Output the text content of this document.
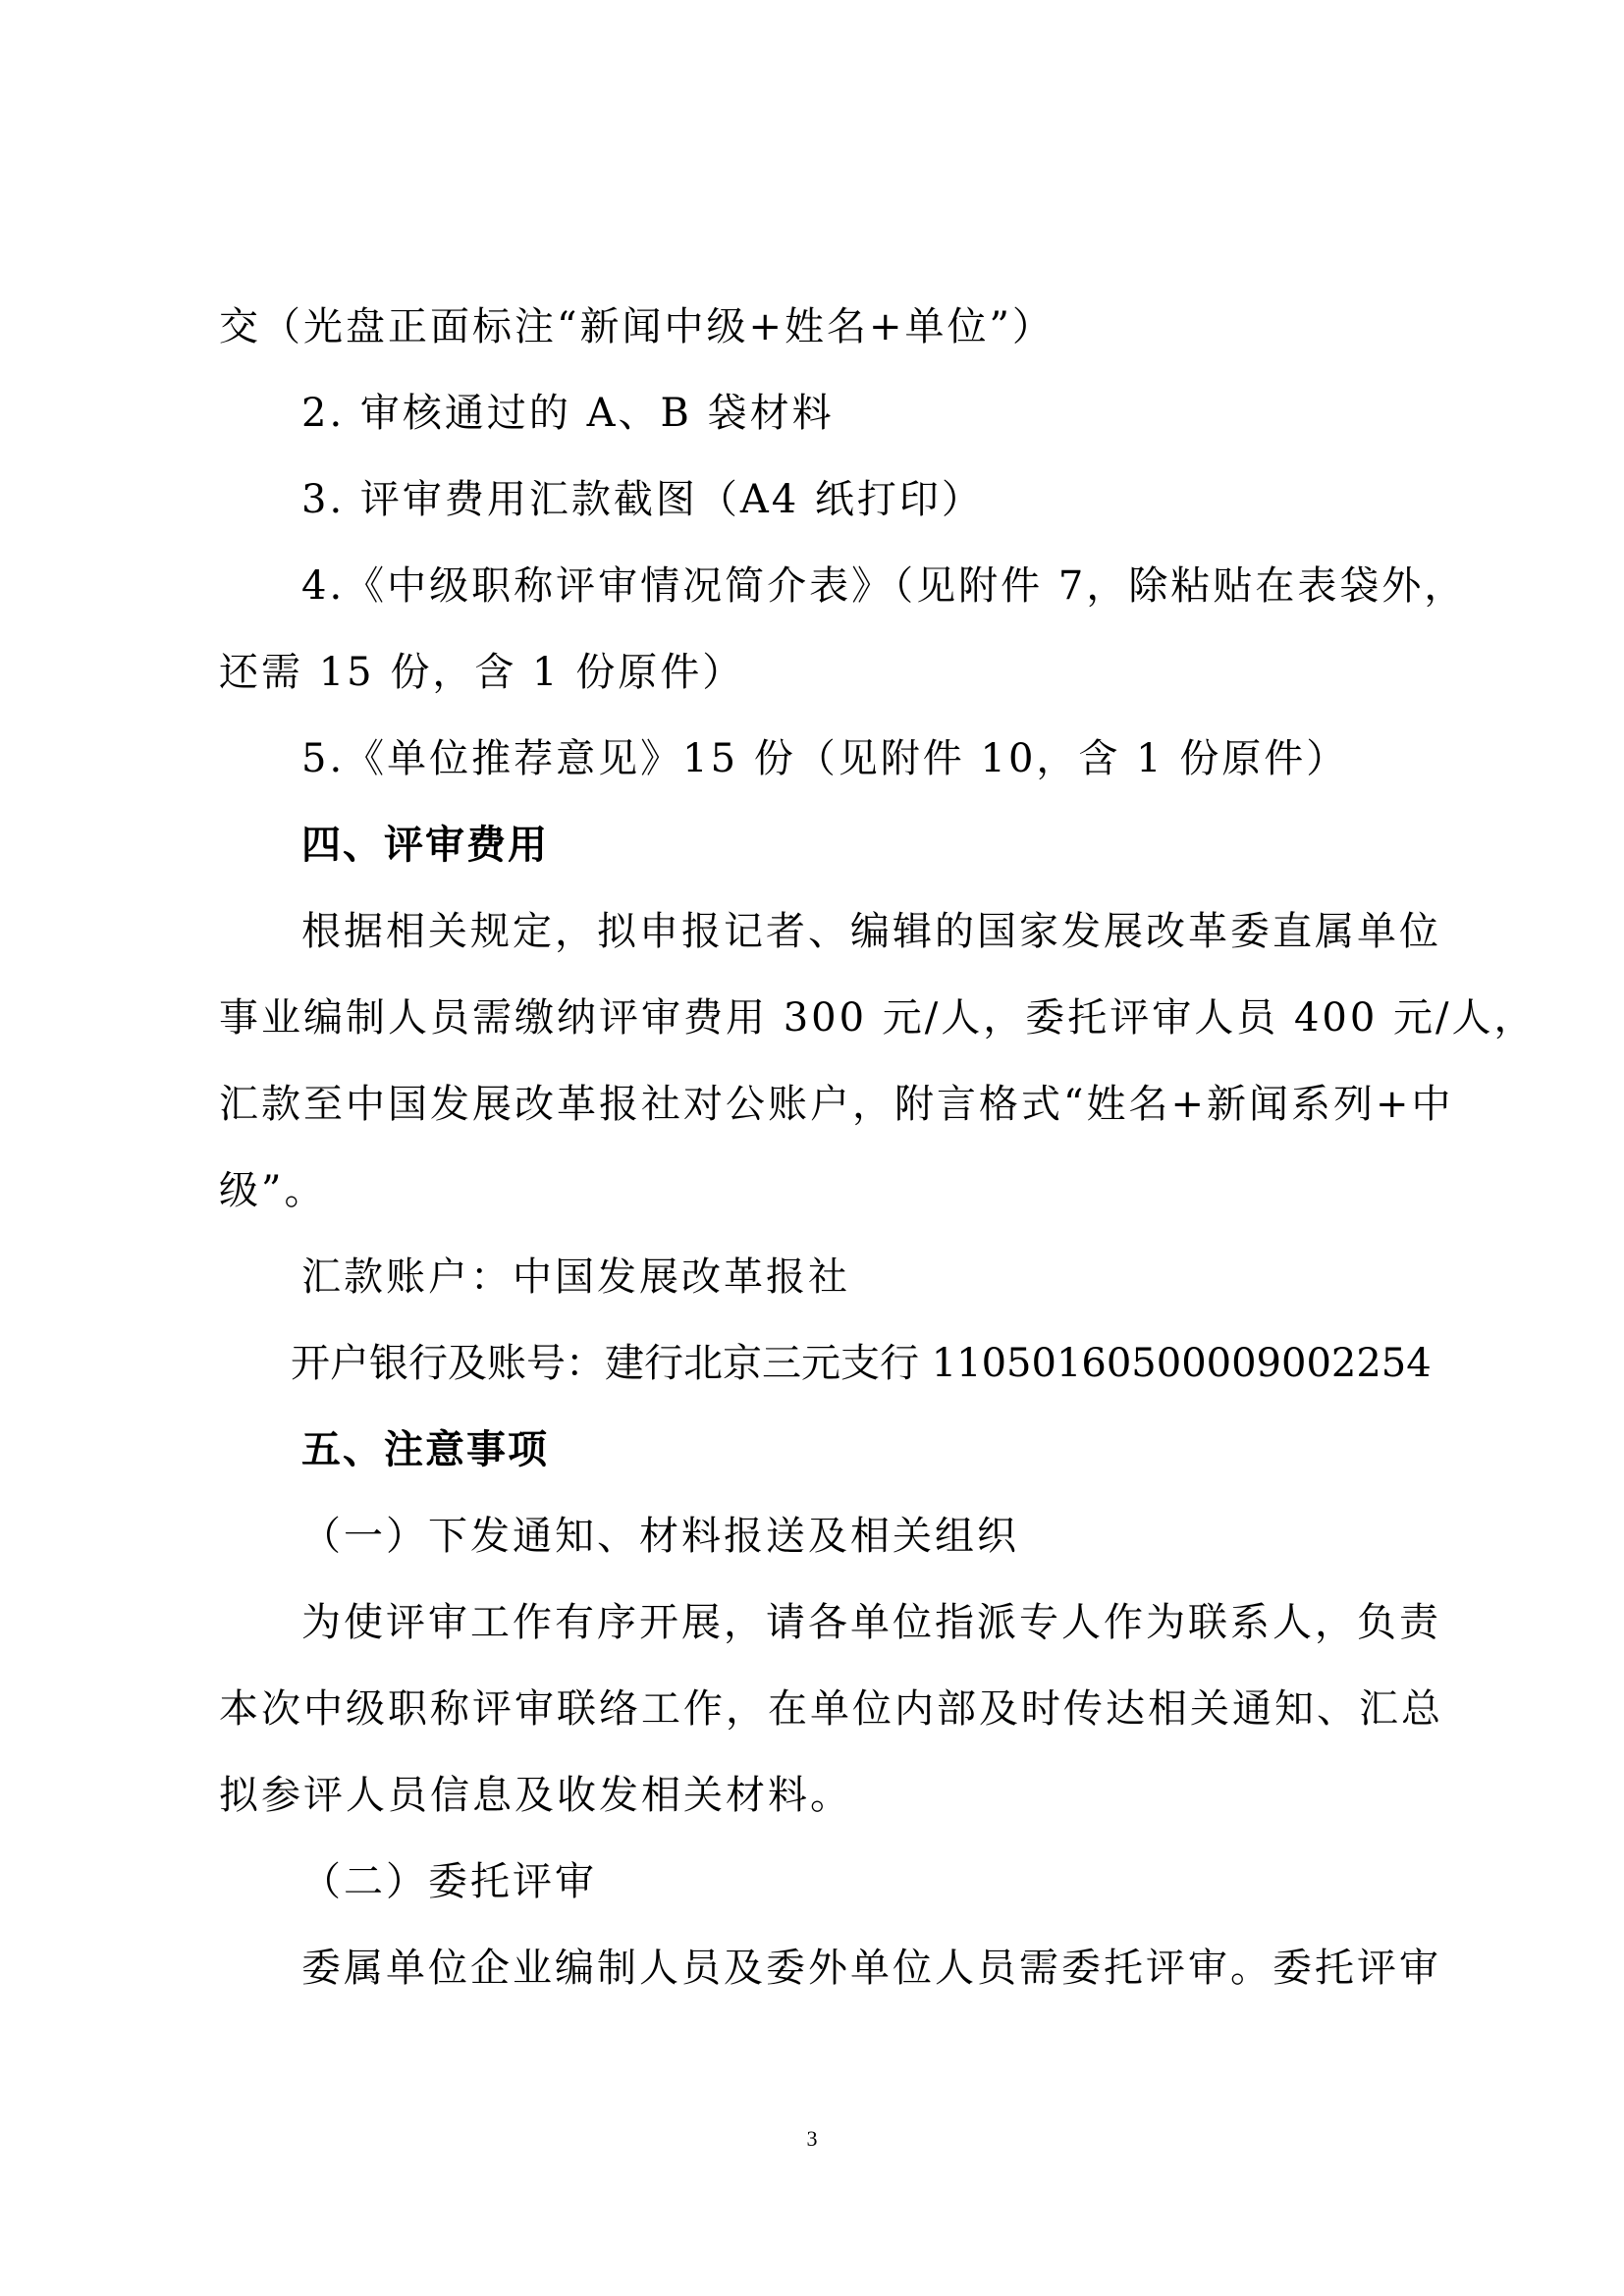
交（光盘正面标注“新闻中级+姓名+单位”）
2. 审核通过的 A、B 袋材料
3. 评审费用汇款截图（A4 纸打印）
4.《中级职称评审情况简介表》（见附件 7，除粘贴在表袋外，
还需 15 份，含 1 份原件）
5.《单位推荐意见》15 份（见附件 10，含 1 份原件）
四、评审费用
根据相关规定，拟申报记者、编辑的国家发展改革委直属单位
事业编制人员需缴纳评审费用 300 元/人，委托评审人员 400 元/人，
汇款至中国发展改革报社对公账户，附言格式“姓名+新闻系列+中
级”。
汇款账户：中国发展改革报社
开户银行及账号：建行北京三元支行 11050160500009002254
五、注意事项
（一）下发通知、材料报送及相关组织
为使评审工作有序开展，请各单位指派专人作为联系人，负责
本次中级职称评审联络工作，在单位内部及时传达相关通知、汇总
拟参评人员信息及收发相关材料。
（二）委托评审
委属单位企业编制人员及委外单位人员需委托评审。委托评审
3
